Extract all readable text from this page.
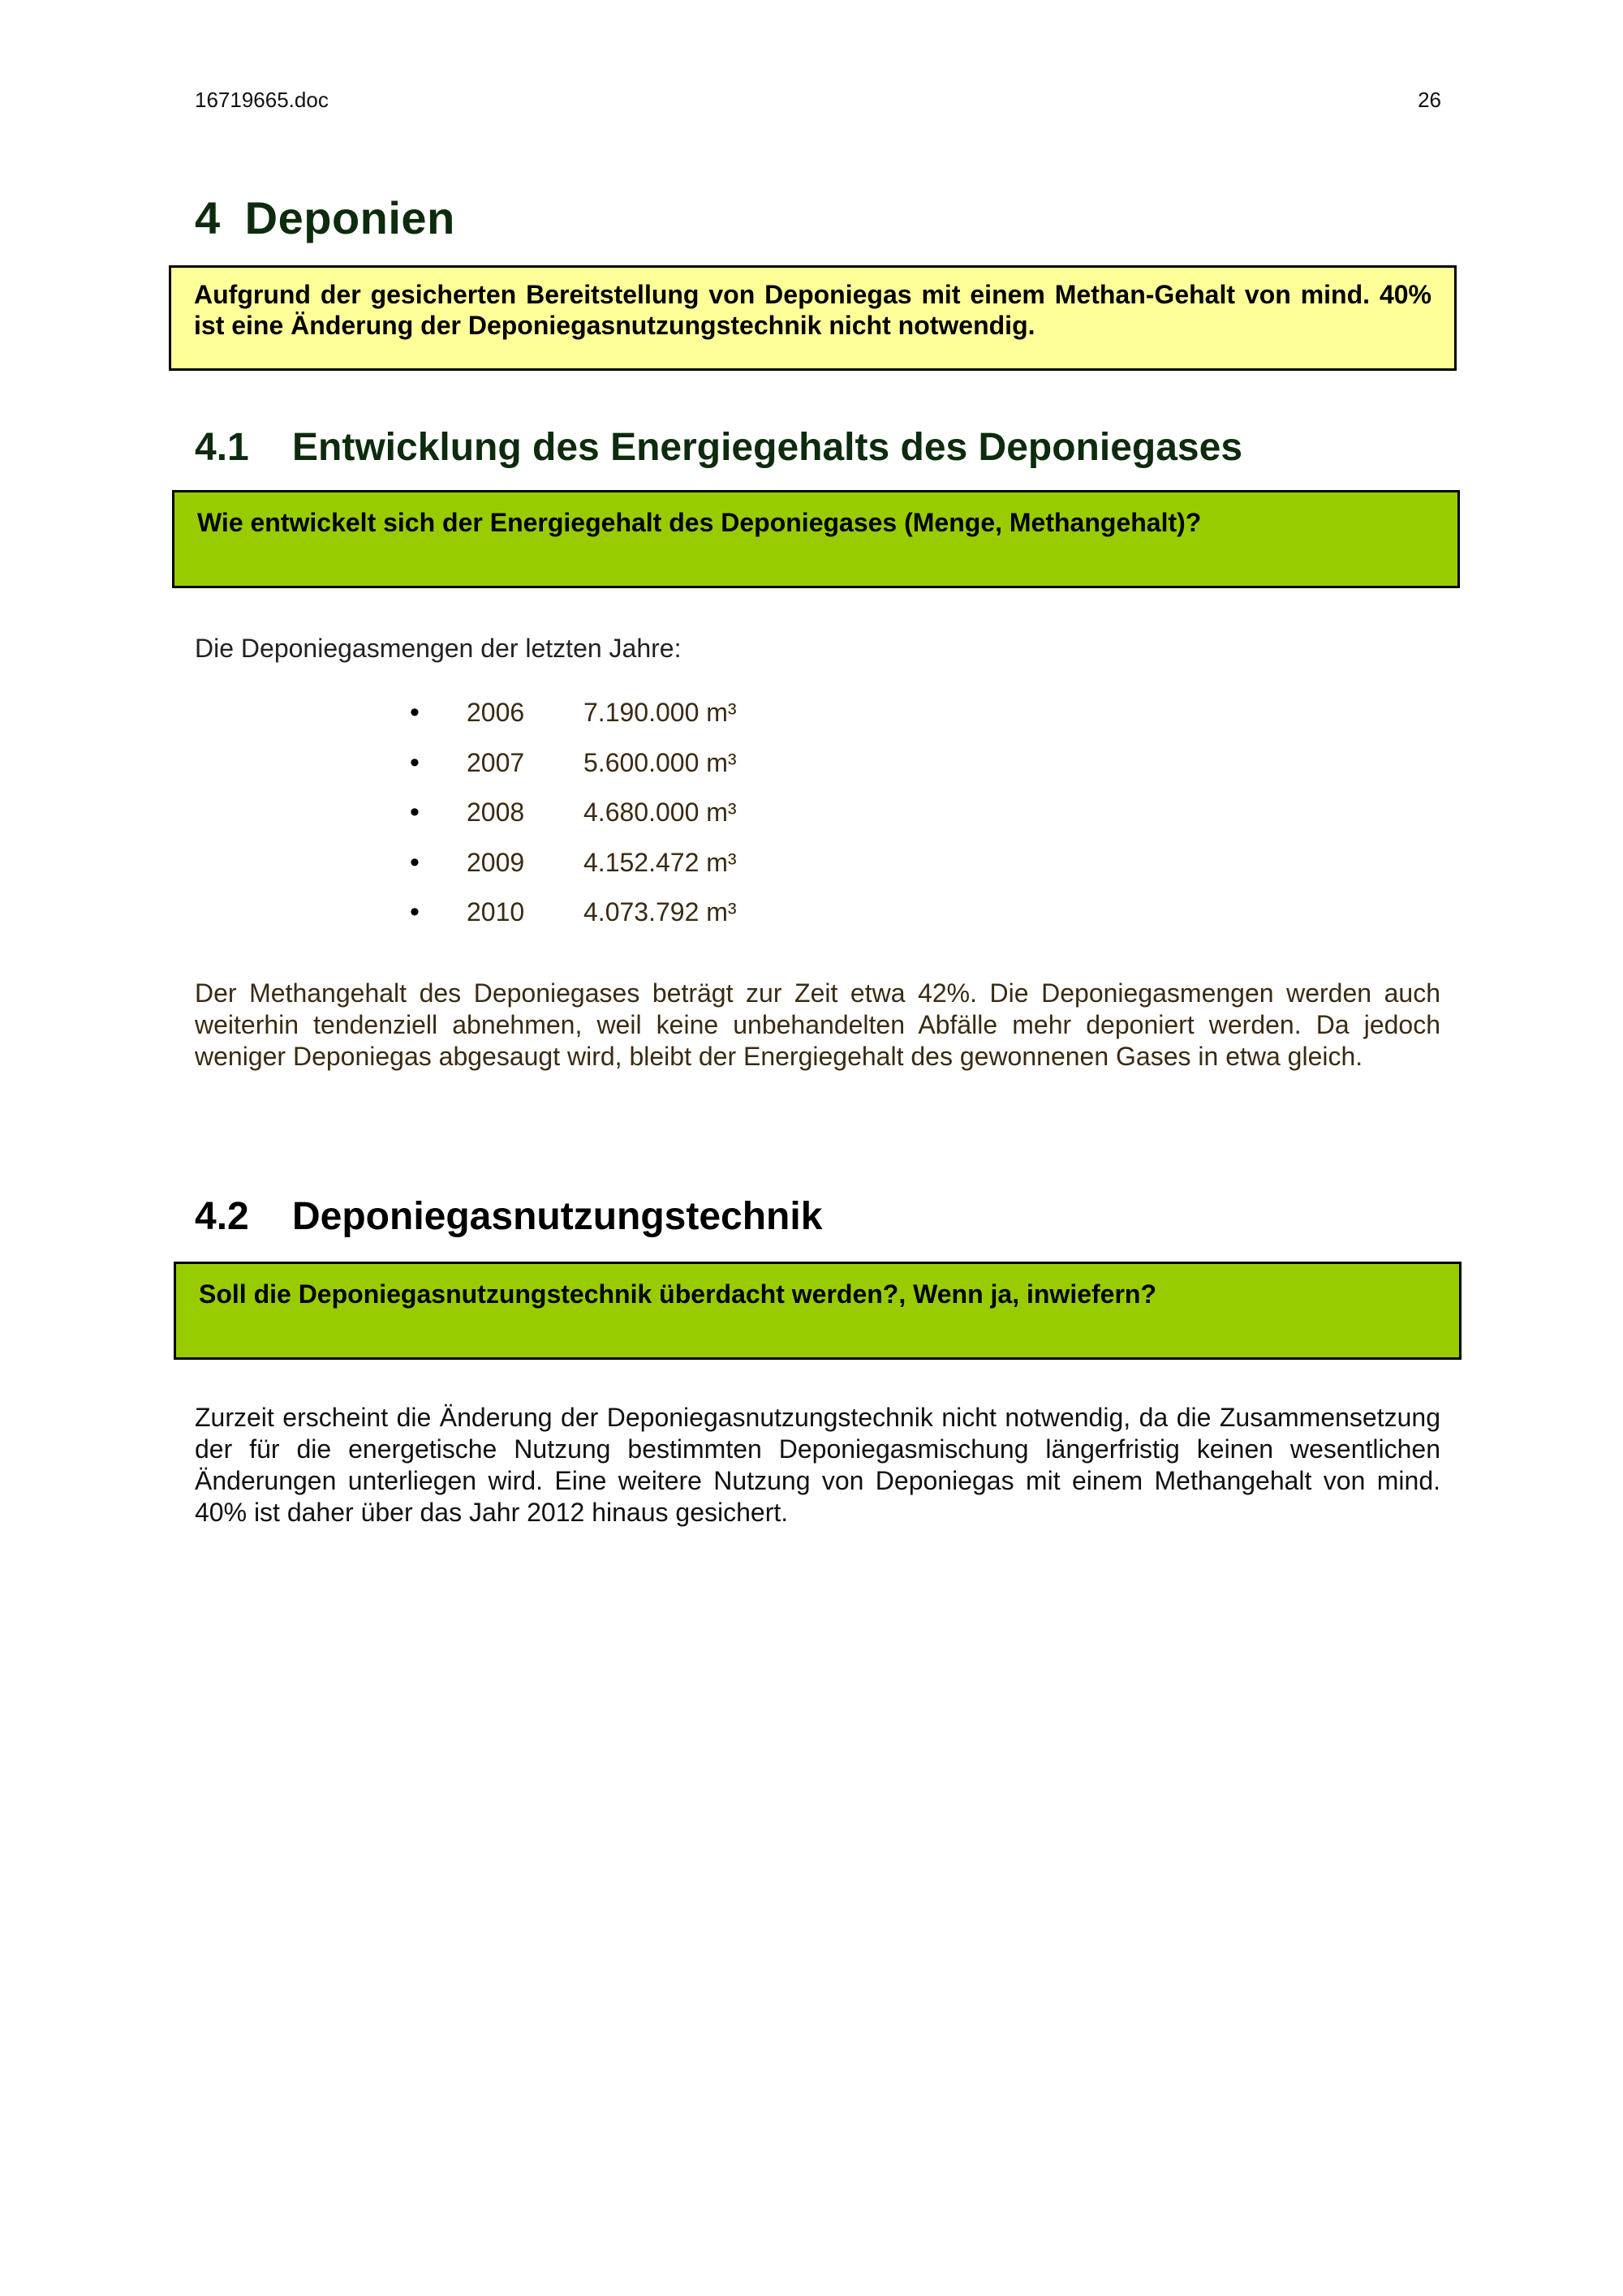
16719665.doc	26
4 Deponien
Aufgrund der gesicherten Bereitstellung von Deponiegas mit einem Methan-Gehalt von mind. 40% ist eine Änderung der Deponiegasnutzungstechnik nicht notwendig.
4.1 Entwicklung des Energiegehalts des Deponiegases
Wie entwickelt sich der Energiegehalt des Deponiegases (Menge, Methangehalt)?

Die Deponiegasmengen der letzten Jahre:

• 2006 7.190.000 m³
• 2007 5.600.000 m³
• 2008 4.680.000 m³
• 2009 4.152.472 m³
• 2010 4.073.792 m³

Der Methangehalt des Deponiegases beträgt zur Zeit etwa 42%. Die Deponiegasmengen werden auch weiterhin tendenziell abnehmen, weil keine unbehandelten Abfälle mehr deponiert werden. Da jedoch weniger Deponiegas abgesaugt wird, bleibt der Energiegehalt des gewonnenen Gases in etwa gleich.

4.2 Deponiegasnutzungstechnik
Soll die Deponiegasnutzungstechnik überdacht werden?, Wenn ja, inwiefern?

Zurzeit erscheint die Änderung der Deponiegasnutzungstechnik nicht notwendig, da die Zusammensetzung der für die energetische Nutzung bestimmten Deponiegasmischung längerfristig keinen wesentlichen Änderungen unterliegen wird. Eine weitere Nutzung von Deponiegas mit einem Methangehalt von mind. 40% ist daher über das Jahr 2012 hinaus gesichert.
